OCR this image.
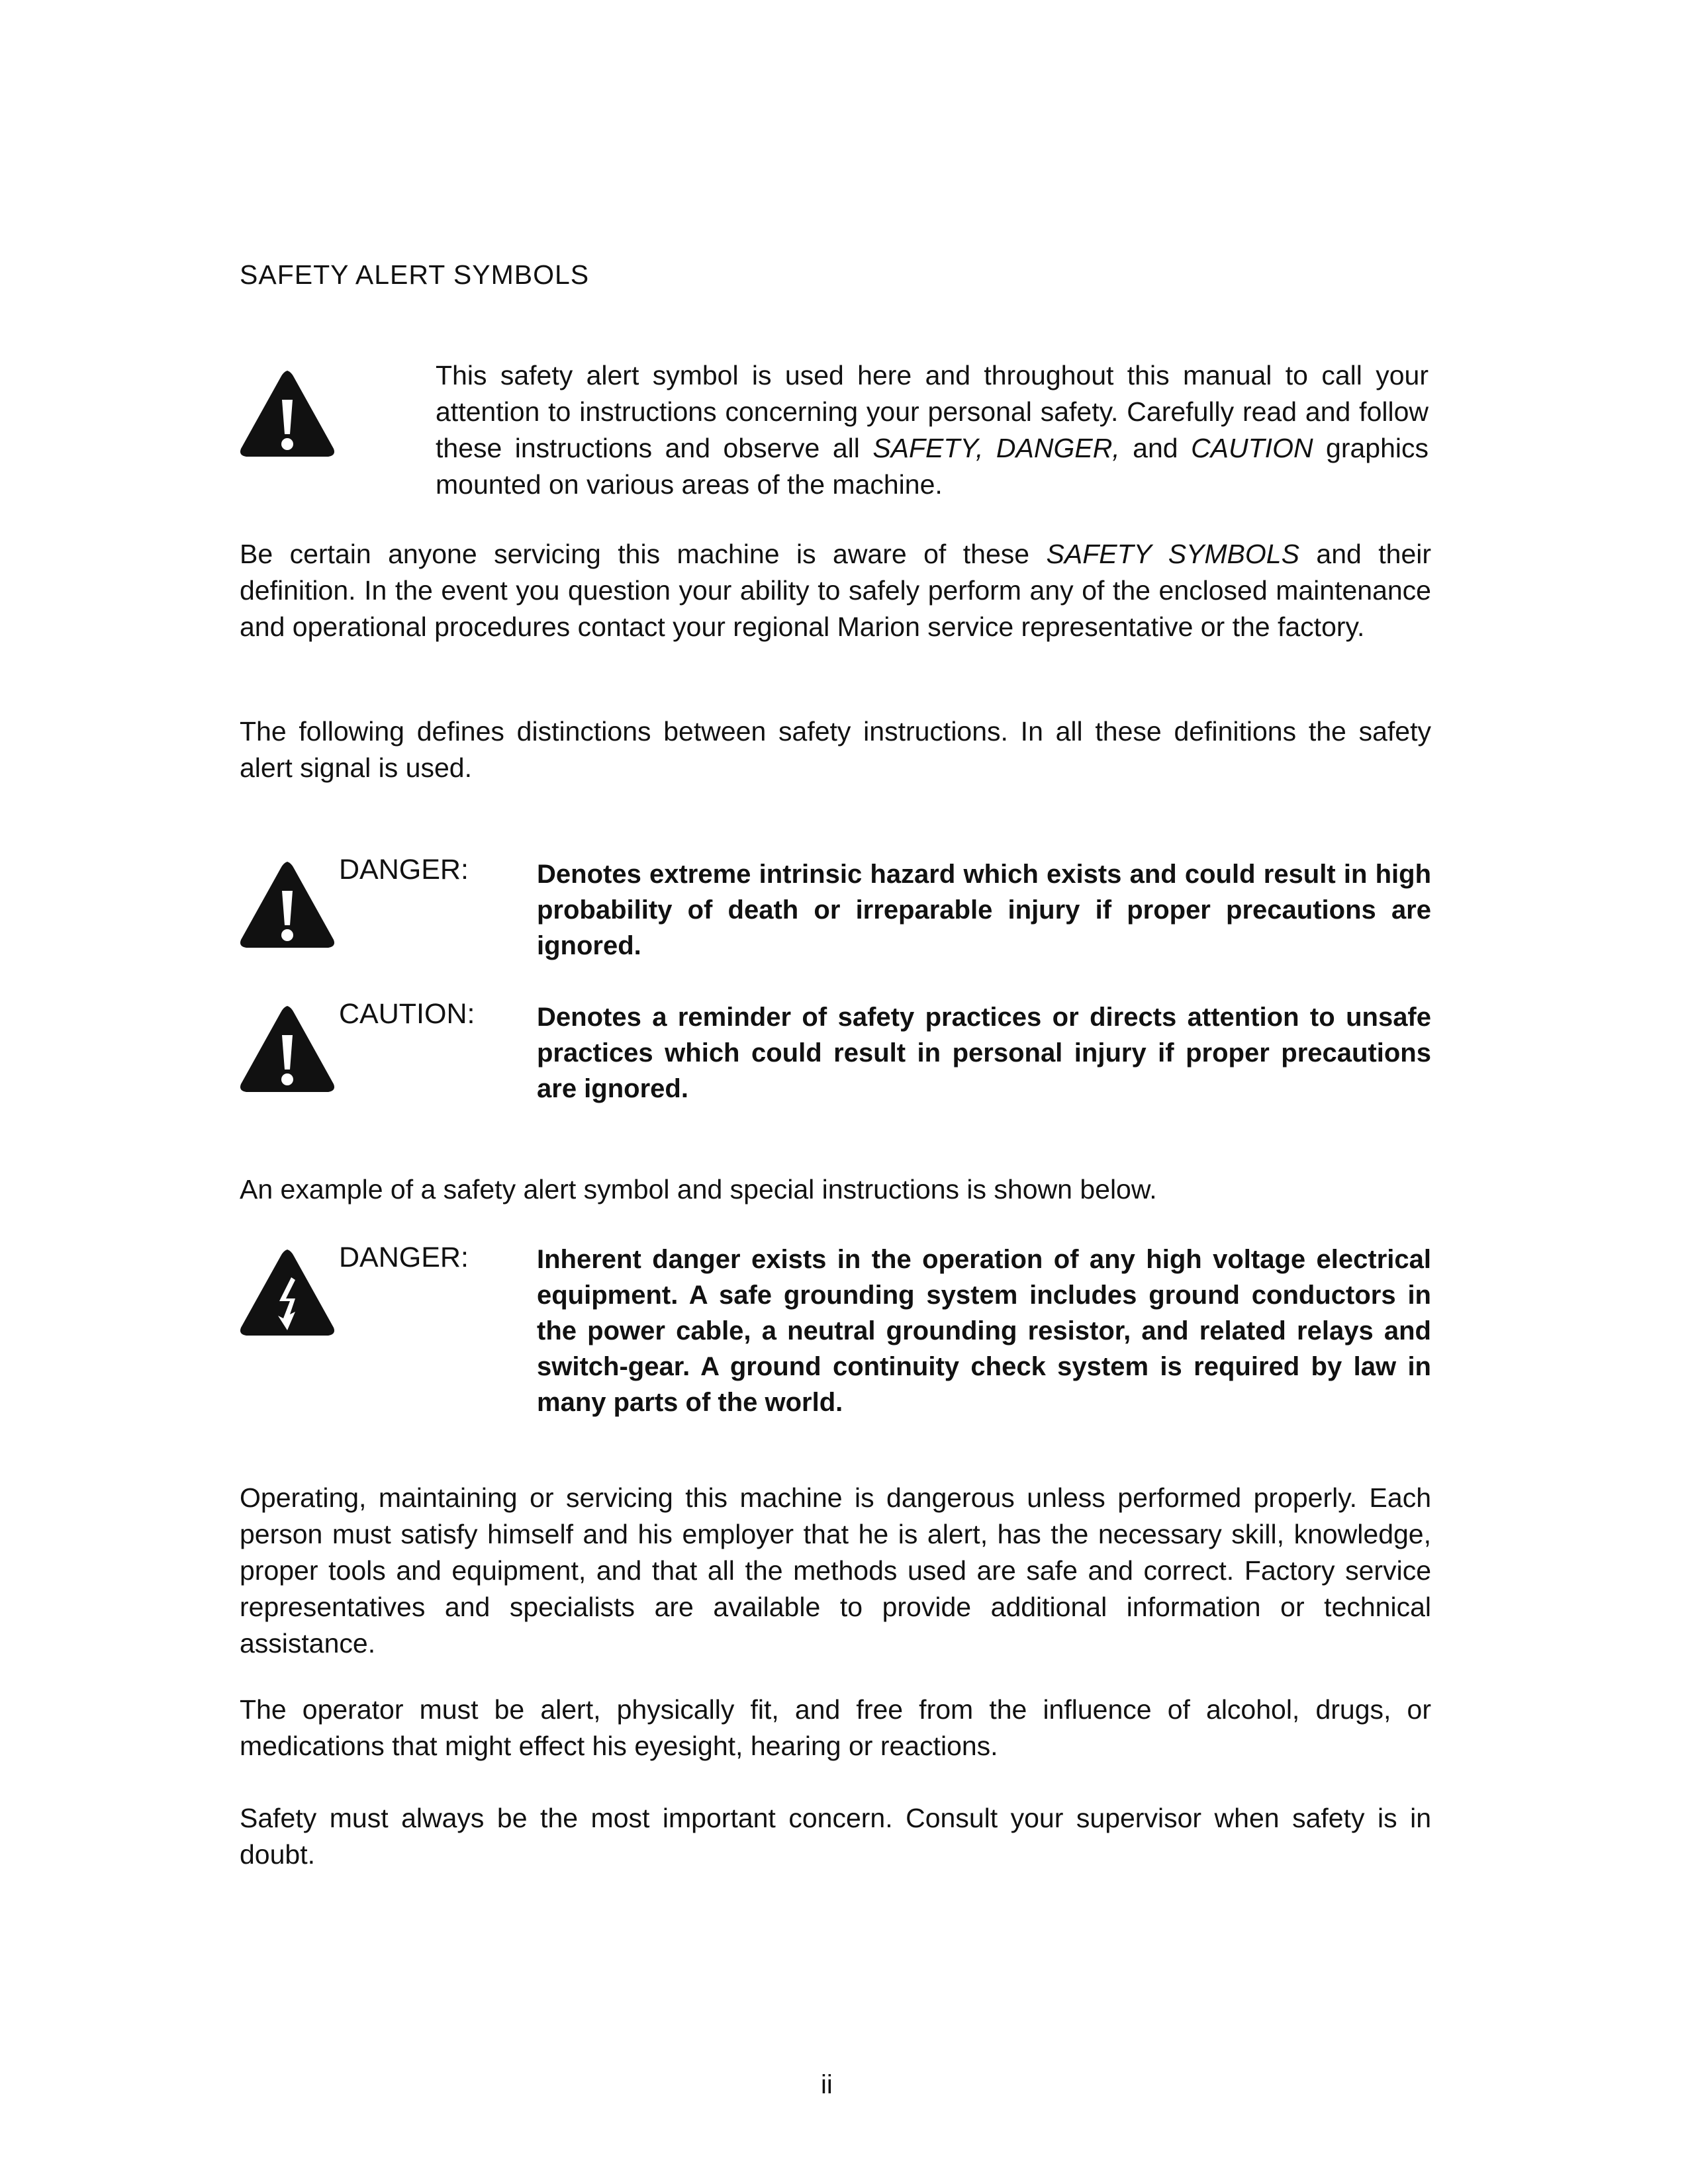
SAFETY ALERT SYMBOLS
This safety alert symbol is used here and throughout this manual to call your attention to instructions concerning your personal safety. Carefully read and follow these instructions and observe all SAFETY, DANGER, and CAUTION graphics mounted on various areas of the machine.
Be certain anyone servicing this machine is aware of these SAFETY SYMBOLS and their definition. In the event you question your ability to safely perform any of the enclosed maintenance and operational procedures contact your regional Marion service representative or the factory.
The following defines distinctions between safety instructions. In all these definitions the safety alert signal is used.
DANGER:	Denotes extreme intrinsic hazard which exists and could result in high probability of death or irreparable injury if proper precautions are ignored.
CAUTION: Denotes a reminder of safety practices or directs attention to unsafe practices which could result in personal injury if proper precautions are ignored.
An example of a safety alert symbol and special instructions is shown below.
DANGER:	Inherent danger exists in the operation of any high voltage electrical equipment. A safe grounding system includes ground conductors in the power cable, a neutral grounding resistor, and related relays and switch-gear. A ground continuity check system is required by law in many parts of the world.
Operating, maintaining or servicing this machine is dangerous unless performed properly. Each person must satisfy himself and his employer that he is alert, has the necessary skill, knowledge, proper tools and equipment, and that all the methods used are safe and correct. Factory service representatives and specialists are available to provide additional information or technical assistance.
The operator must be alert, physically fit, and free from the influence of alcohol, drugs, or medications that might effect his eyesight, hearing or reactions.
Safety must always be the most important concern. Consult your supervisor when safety is in doubt.
ii
